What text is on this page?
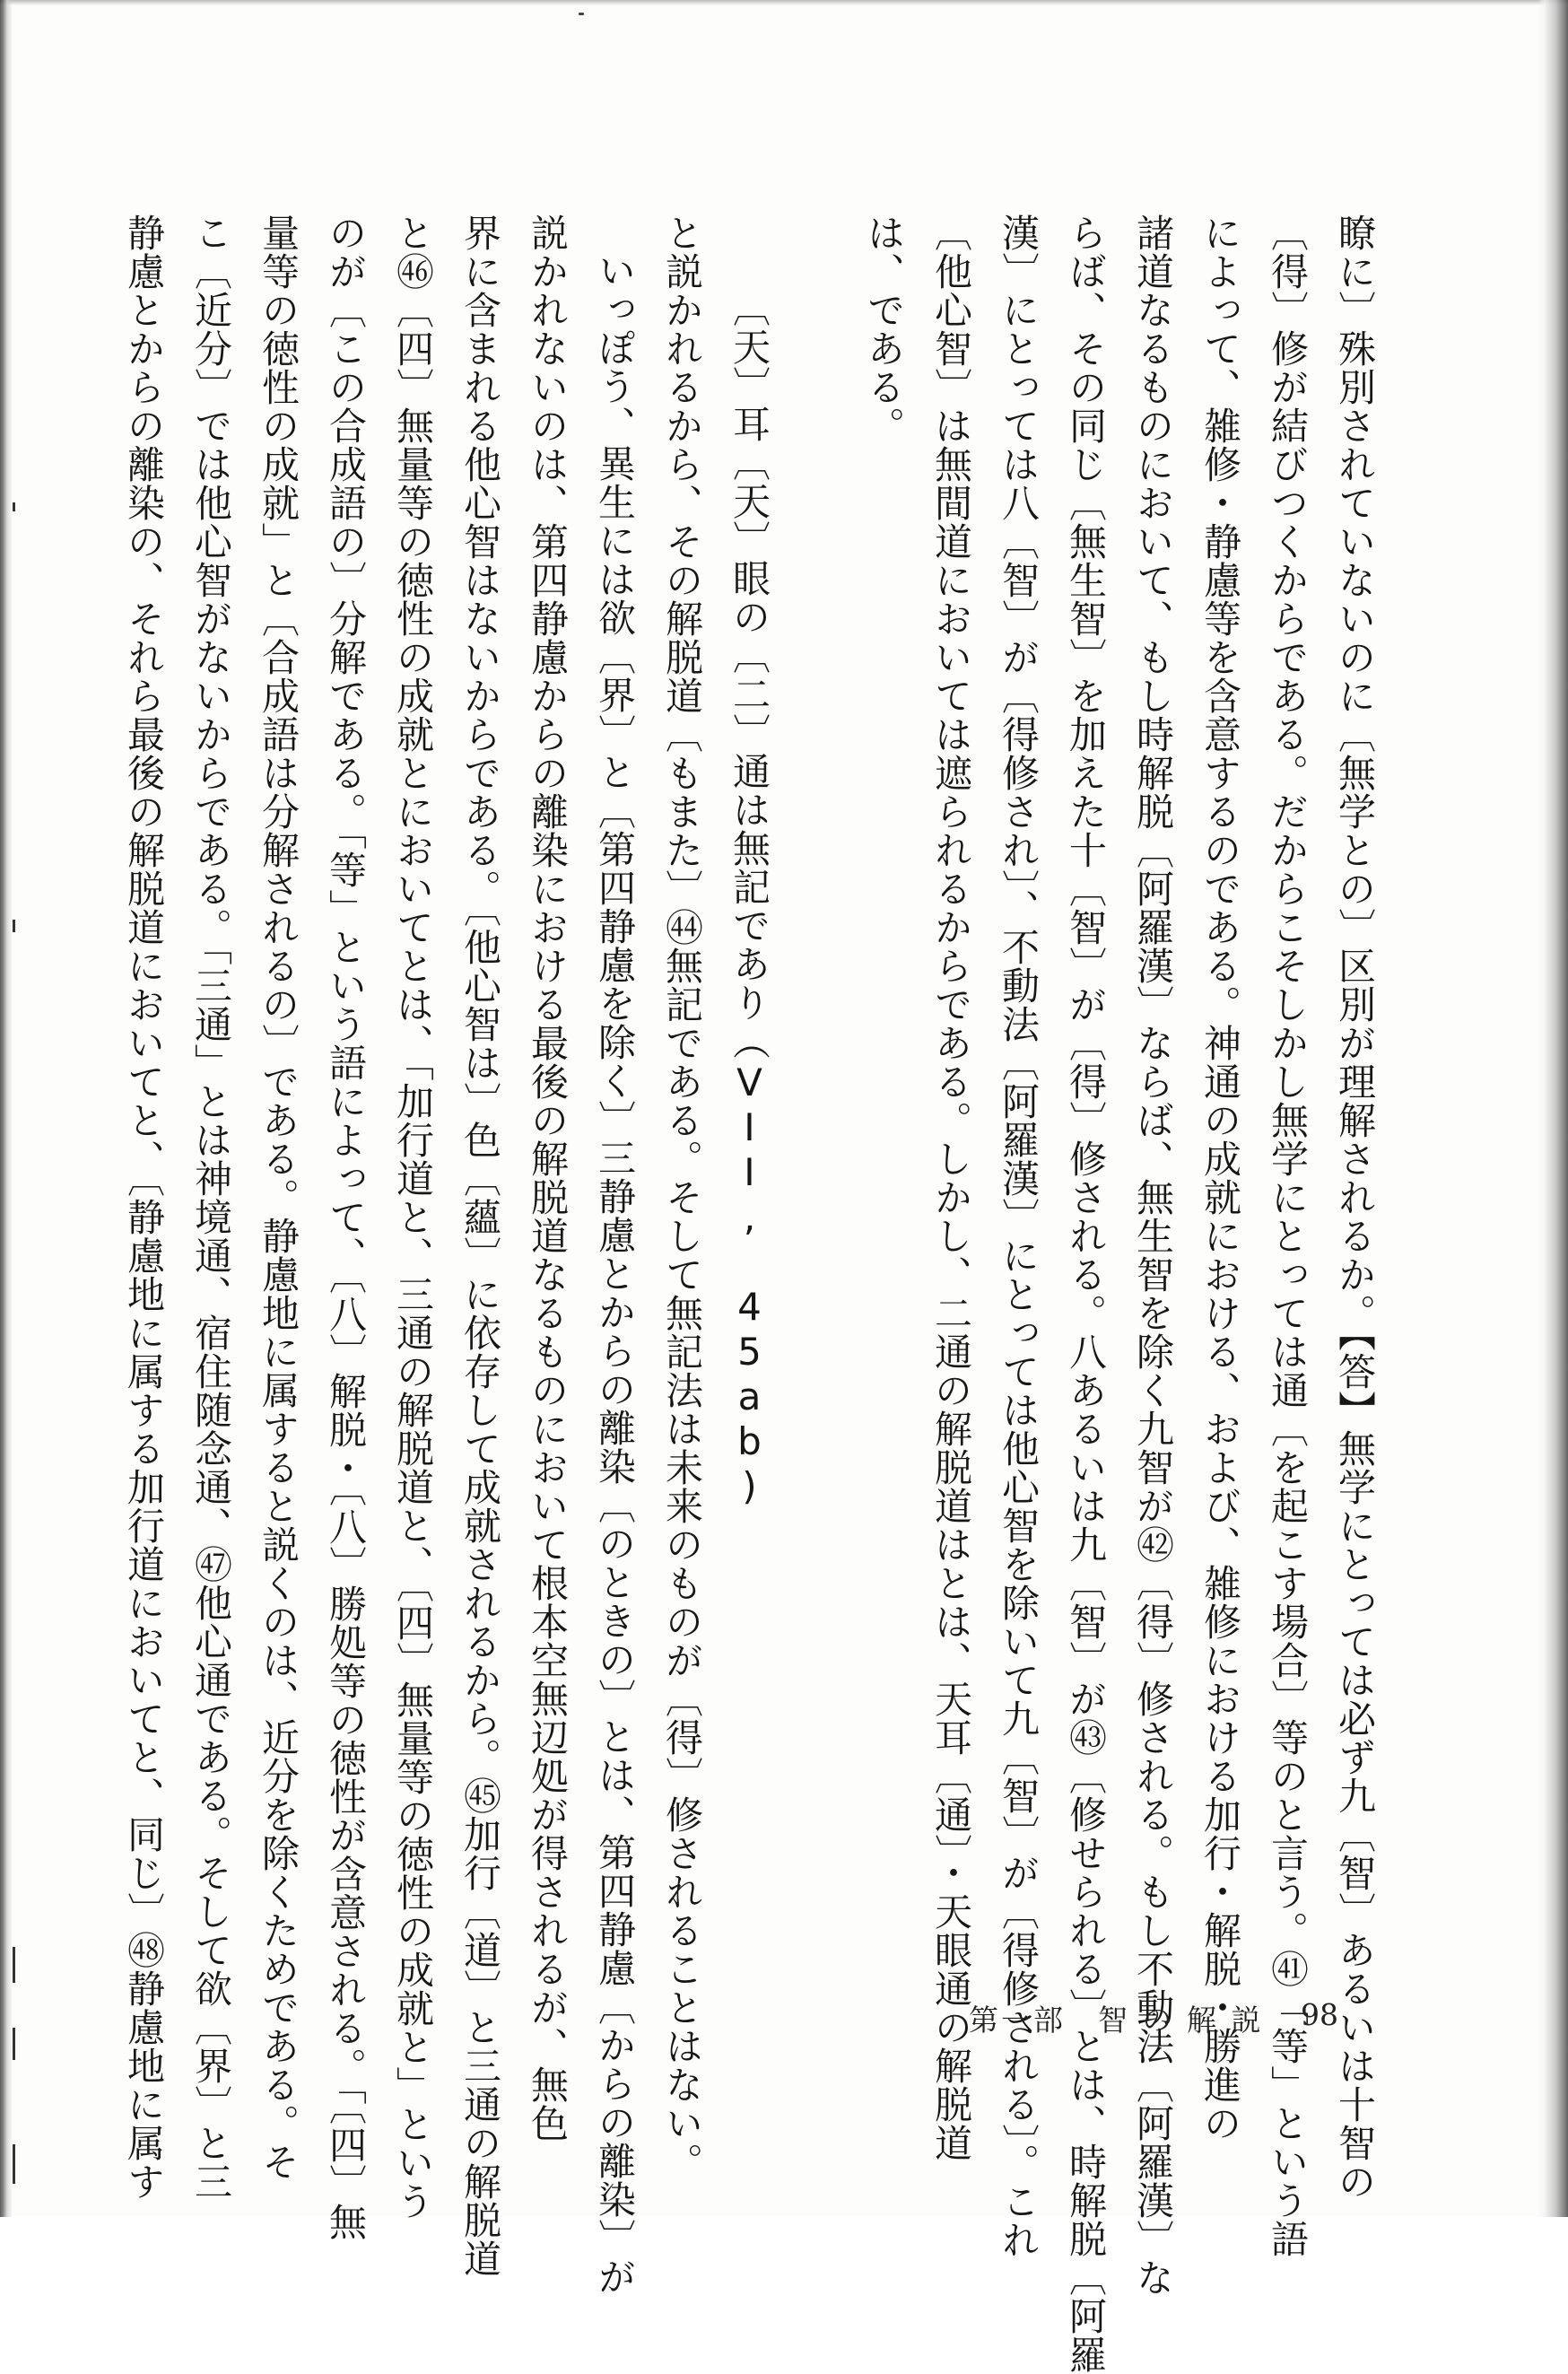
瞭に〕殊別されていないのに〔無学との〕区別が理解されるか。【答】無学にとっては必ず九〔智〕あるいは十智の
〔得〕修が結びつくからである。だからこそしかし無学にとっては通〔を起こす場合〕等のと言う。㊶「等」という語
によって、雑修・静慮等を含意するのである。神通の成就における、および、雑修における加行・解脱・勝進の
諸道なるものにおいて、もし時解脱〔阿羅漢〕ならば、無生智を除く九智が㊷〔得〕修される。もし不動法〔阿羅漢〕な
らば、その同じ〔無生智〕を加えた十〔智〕が〔得〕修される。八あるいは九〔智〕が㊸〔修せられる〕とは、時解脱〔阿羅
漢〕にとっては八〔智〕が〔得修され〕、不動法〔阿羅漢〕にとっては他心智を除いて九〔智〕が〔得修される〕。これ
〔他心智〕は無間道においては遮られるからである。しかし、二通の解脱道はとは、天耳〔通〕・天眼通の解脱道
は、である。
〔天〕耳〔天〕眼の〔二〕通は無記であり（VII, 45ab)
と説かれるから、その解脱道〔もまた〕㊹無記である。そして無記法は未来のものが〔得〕修されることはない。
いっぽう、異生には欲〔界〕と〔第四静慮を除く〕三静慮とからの離染〔のときの〕とは、第四静慮〔からの離染〕が
説かれないのは、第四静慮からの離染における最後の解脱道なるものにおいて根本空無辺処が得されるが、無色
界に含まれる他心智はないからである。〔他心智は〕色〔蘊〕に依存して成就されるから。㊺加行〔道〕と三通の解脱道
と㊻〔四〕無量等の徳性の成就とにおいてとは、「加行道と、三通の解脱道と、〔四〕無量等の徳性の成就と」という
のが〔この合成語の〕分解である。「等」という語によって、〔八〕解脱・〔八〕勝処等の徳性が含意される。「〔四〕無
量等の徳性の成就」と〔合成語は分解されるの〕である。静慮地に属すると説くのは、近分を除くためである。そ
こ〔近分〕では他心智がないからである。「三通」とは神境通、宿住随念通、㊼他心通である。そして欲〔界〕と三
静慮とからの離染の、それら最後の解脱道においてと、〔静慮地に属する加行道においてと、同じ〕㊽静慮地に属す	第一部　智 の 解 説 98
